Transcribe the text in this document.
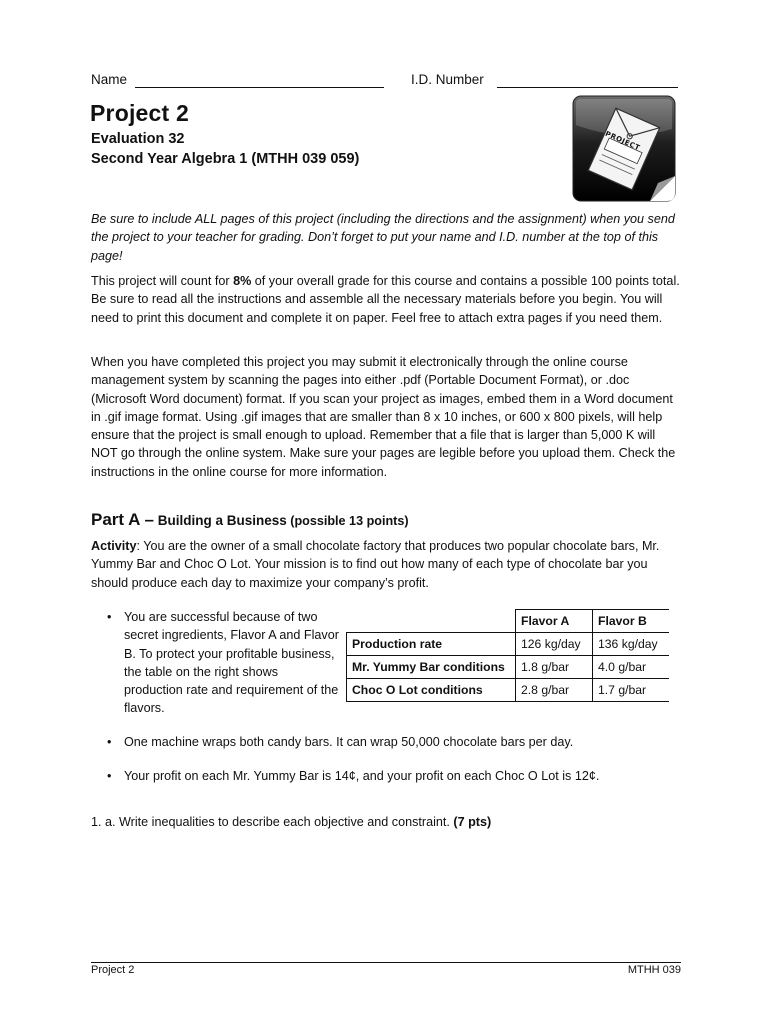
Name	I.D. Number
Project 2
Evaluation 32
Second Year Algebra 1 (MTHH 039 059)
PROJECT

Be sure to include ALL pages of this project (including the directions and the assignment) when you send the project to your teacher for grading. Don’t forget to put your name and I.D. number at the top of this page!

This project will count for 8% of your overall grade for this course and contains a possible 100 points total. Be sure to read all the instructions and assemble all the necessary materials before you begin. You will need to print this document and complete it on paper. Feel free to attach extra pages if you need them.

When you have completed this project you may submit it electronically through the online course management system by scanning the pages into either .pdf (Portable Document Format), or .doc (Microsoft Word document) format. If you scan your project as images, embed them in a Word document in .gif image format. Using .gif images that are smaller than 8 x 10 inches, or 600 x 800 pixels, will help ensure that the project is small enough to upload. Remember that a file that is larger than 5,000 K will NOT go through the online system. Make sure your pages are legible before you upload them. Check the instructions in the online course for more information.

Part A – Building a Business (possible 13 points)

Activity: You are the owner of a small chocolate factory that produces two popular chocolate bars, Mr. Yummy Bar and Choc O Lot. Your mission is to find out how many of each type of chocolate bar you should produce each day to maximize your company’s profit.

• You are successful because of two secret ingredients, Flavor A and Flavor B. To protect your profitable business, the table on the right shows production rate and requirement of the flavors.
• One machine wraps both candy bars. It can wrap 50,000 chocolate bars per day.
• Your profit on each Mr. Yummy Bar is 14¢, and your profit on each Choc O Lot is 12¢.
	Flavor A	Flavor B
Production rate	126 kg/day	136 kg/day
Mr. Yummy Bar conditions	1.8 g/bar	4.0 g/bar
Choc O Lot conditions	2.8 g/bar	1.7 g/bar
1. a. Write inequalities to describe each objective and constraint. (7 pts)
Project 2	MTHH 039
